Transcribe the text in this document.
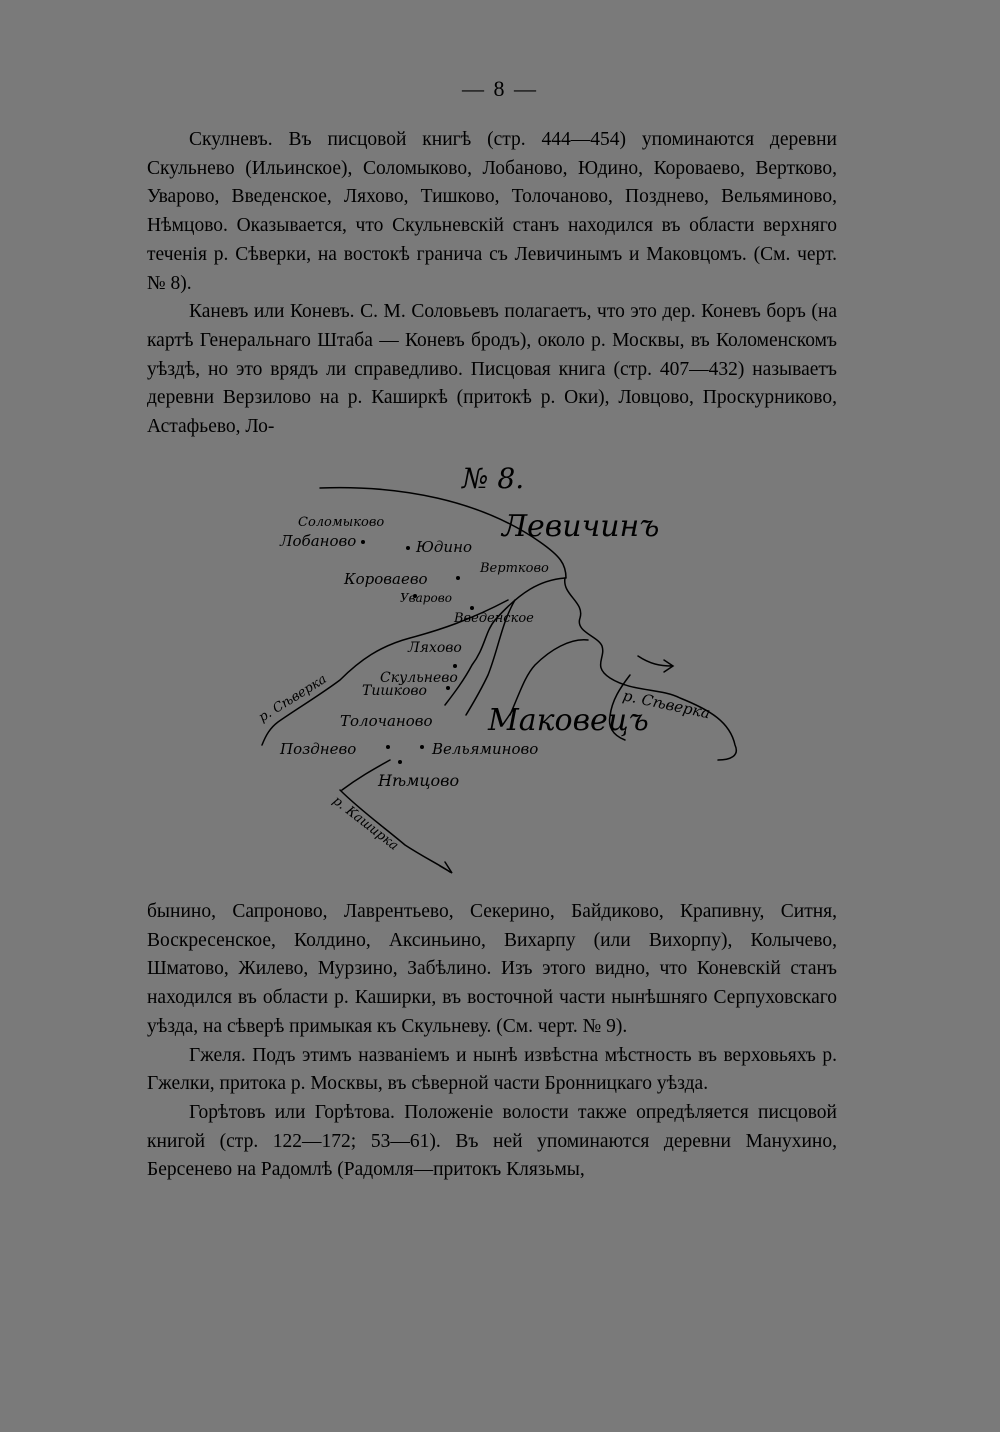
— 8 —

Скулневъ. Въ писцовой книгѣ (стр. 444—454) упоминаются деревни Скульнево (Ильинское), Соломыково, Лобаново, Юдино, Короваево, Вертково, Уварово, Введенское, Ляхово, Тишково, Толочаново, Позднево, Вельяминово, Нѣмцово. Оказывается, что Скульневскій станъ находился въ области верхняго теченія р. Сѣверки, на востокѣ гранича съ Левичинымъ и Маковцомъ. (См. черт. № 8).

Каневъ или Коневъ. С. М. Соловьевъ полагаетъ, что это дер. Коневъ боръ (на картѣ Генеральнаго Штаба — Коневъ бродъ), около р. Москвы, въ Коломенскомъ уѣздѣ, но это врядъ ли справедливо. Писцовая книга (стр. 407—432) называетъ деревни Верзилово на р. Каширкѣ (притокѣ р. Оки), Ловцово, Проскурниково, Астафьево, Ло-

№ 8.
Левичинъ
Маковецъ
Соломыково
Лобаново	Юдино
Вертково
Короваево
Уварово
Введенское
Ляхово
Скульнево
Тишково
Толочаново
Позднево	Вельяминово
Нѣмцово
р. Сѣверка
р. Сѣверка
р. Каширка

бынино, Сапроново, Лаврентьево, Секерино, Байдиково, Крапивну, Ситня, Воскресенское, Колдино, Аксиньино, Вихарпу (или Вихорпу), Колычево, Шматово, Жилево, Мурзино, Забѣлино. Изъ этого видно, что Коневскій станъ находился въ области р. Каширки, въ восточной части нынѣшняго Серпуховскаго уѣзда, на сѣверѣ примыкая къ Скульневу. (См. черт. № 9).

Гжеля. Подъ этимъ названіемъ и нынѣ извѣстна мѣстность въ верховьяхъ р. Гжелки, притока р. Москвы, въ сѣверной части Бронницкаго уѣзда.

Горѣтовъ или Горѣтова. Положеніе волости также опредѣляется писцовой книгой (стр. 122—172; 53—61). Въ ней упоминаются деревни Манухино, Берсенево на Радомлѣ (Радомля—притокъ Клязьмы,
